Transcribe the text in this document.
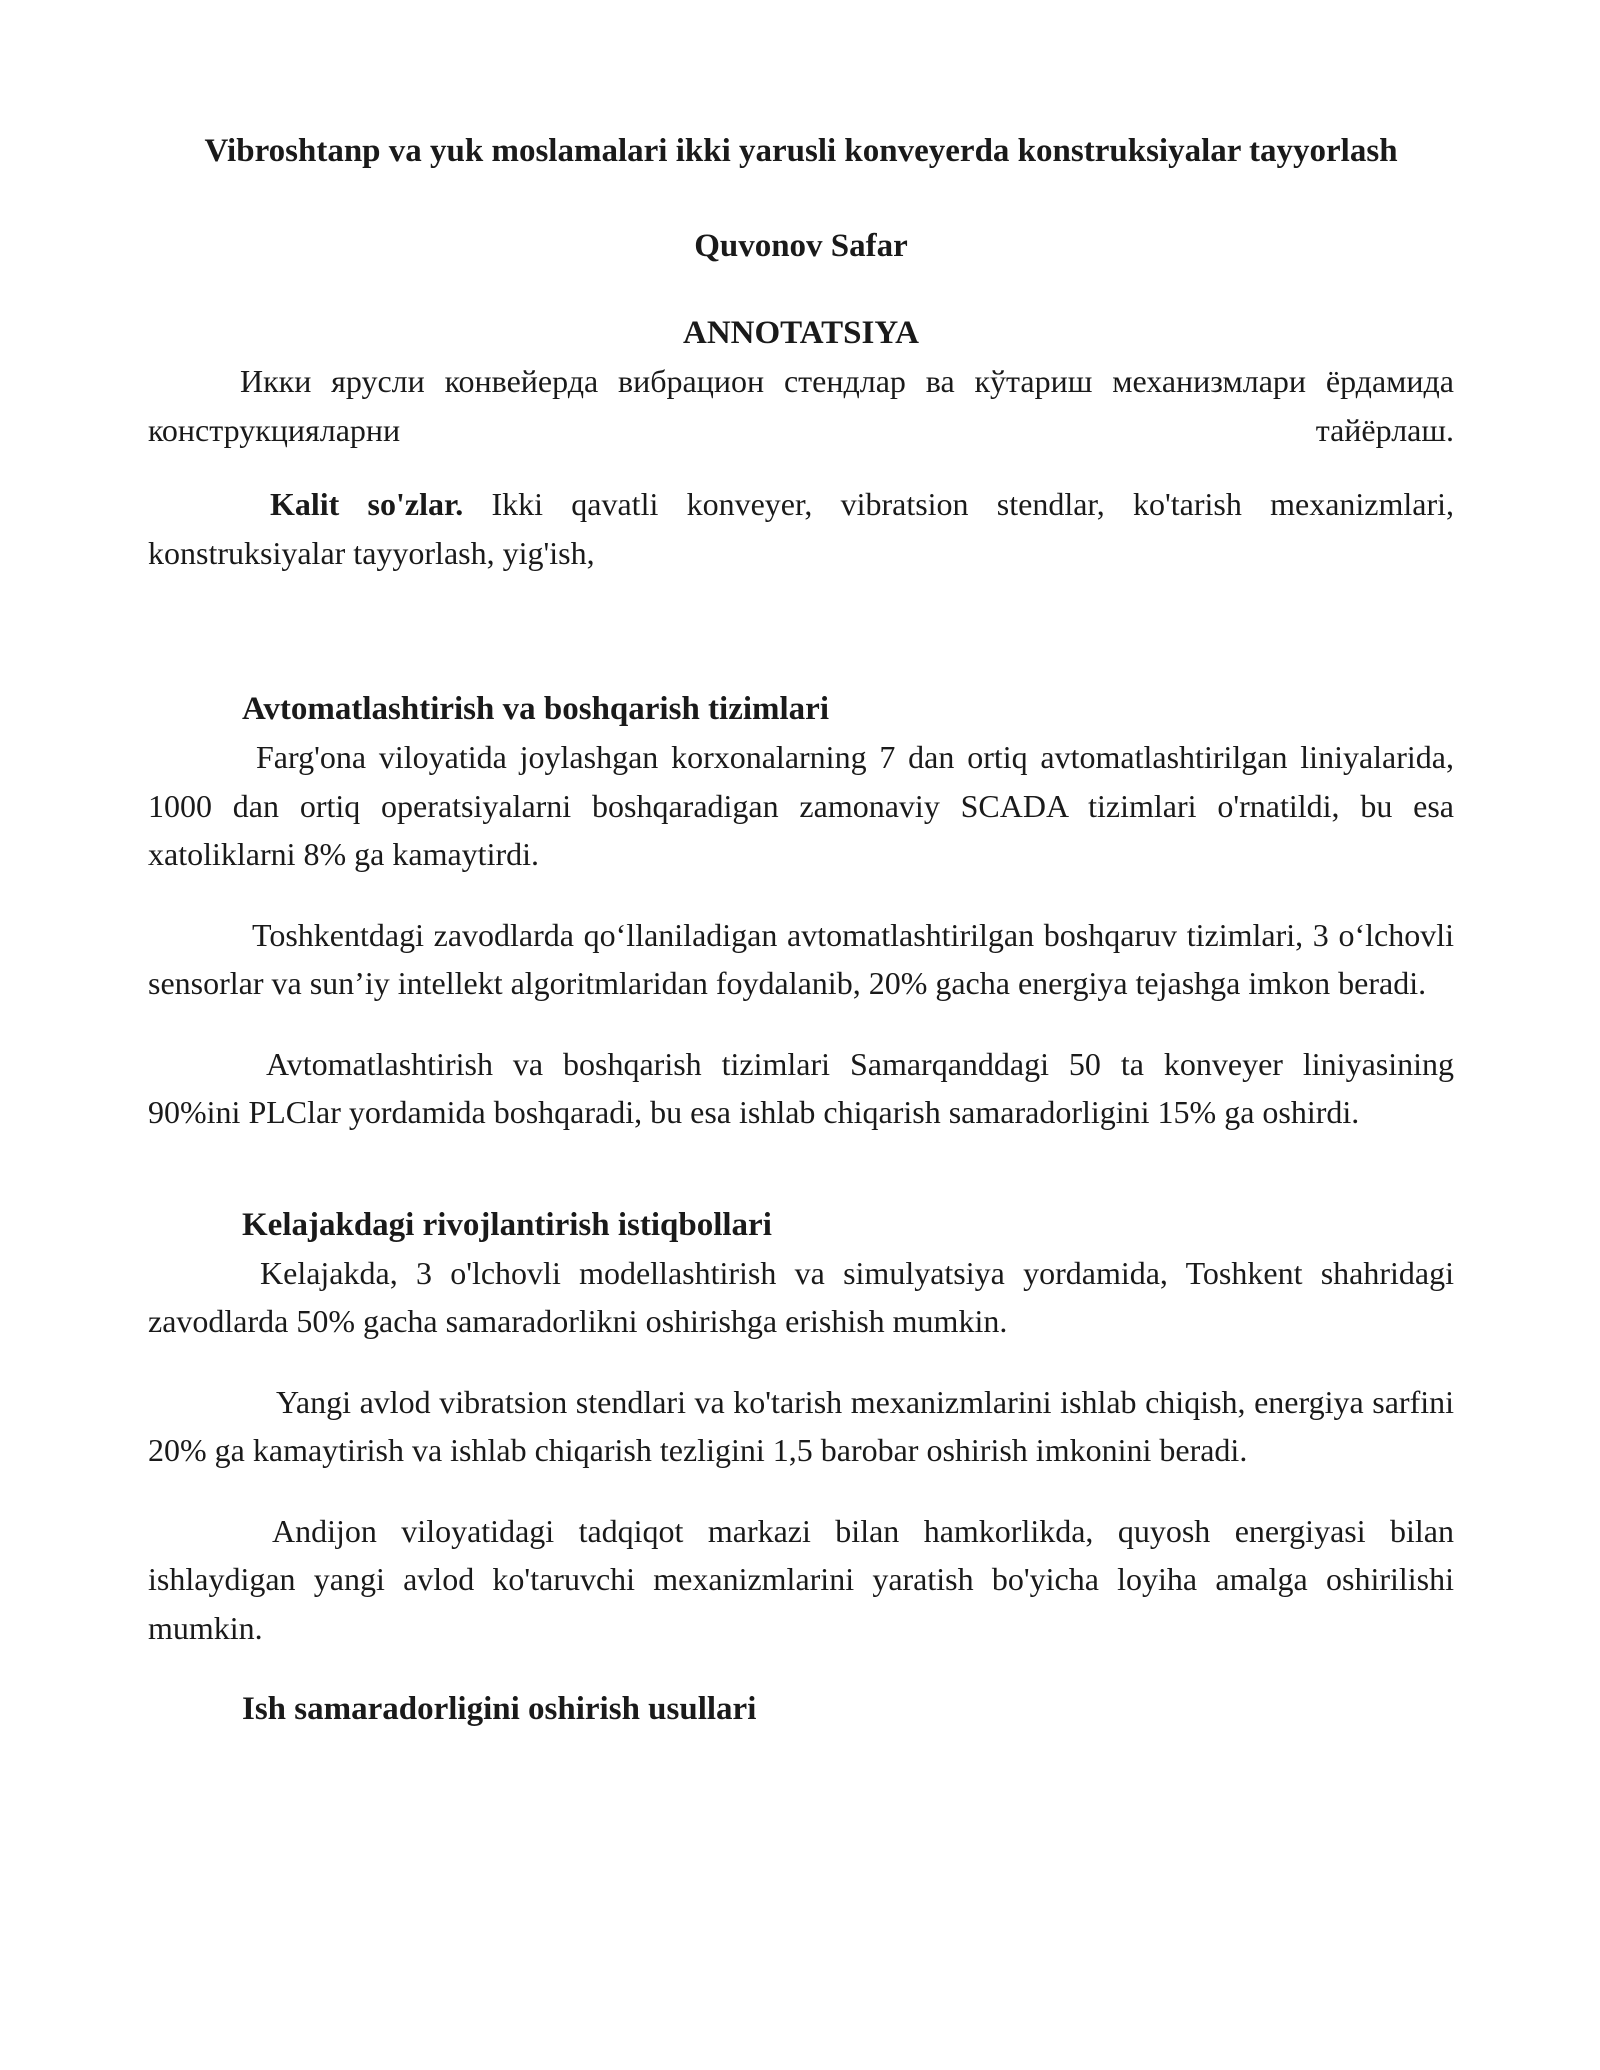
Vibroshtanp va yuk moslamalari ikki yarusli konveyerda konstruksiyalar tayyorlash
Quvonov Safar
ANNOTATSIYA

Икки ярусли конвейерда вибрацион стендлар ва кўтариш механизмлари ёрдамида конструкцияларни тайёрлаш.

Kalit so'zlar. Ikki qavatli konveyer, vibratsion stendlar, ko'tarish mexanizmlari, konstruksiyalar tayyorlash, yig'ish,

Avtomatlashtirish va boshqarish tizimlari

Farg'ona viloyatida joylashgan korxonalarning 7 dan ortiq avtomatlashtirilgan liniyalarida, 1000 dan ortiq operatsiyalarni boshqaradigan zamonaviy SCADA tizimlari o'rnatildi, bu esa xatoliklarni 8% ga kamaytirdi.

Toshkentdagi zavodlarda qo‘llaniladigan avtomatlashtirilgan boshqaruv tizimlari, 3 o‘lchovli sensorlar va sun’iy intellekt algoritmlaridan foydalanib, 20% gacha energiya tejashga imkon beradi.

Avtomatlashtirish va boshqarish tizimlari Samarqanddagi 50 ta konveyer liniyasining 90%ini PLClar yordamida boshqaradi, bu esa ishlab chiqarish samaradorligini 15% ga oshirdi.

Kelajakdagi rivojlantirish istiqbollari

Kelajakda, 3 o'lchovli modellashtirish va simulyatsiya yordamida, Toshkent shahridagi zavodlarda 50% gacha samaradorlikni oshirishga erishish mumkin.

Yangi avlod vibratsion stendlari va ko'tarish mexanizmlarini ishlab chiqish, energiya sarfini 20% ga kamaytirish va ishlab chiqarish tezligini 1,5 barobar oshirish imkonini beradi.

Andijon viloyatidagi tadqiqot markazi bilan hamkorlikda, quyosh energiyasi bilan ishlaydigan yangi avlod ko'taruvchi mexanizmlarini yaratish bo'yicha loyiha amalga oshirilishi mumkin.

Ish samaradorligini oshirish usullari
